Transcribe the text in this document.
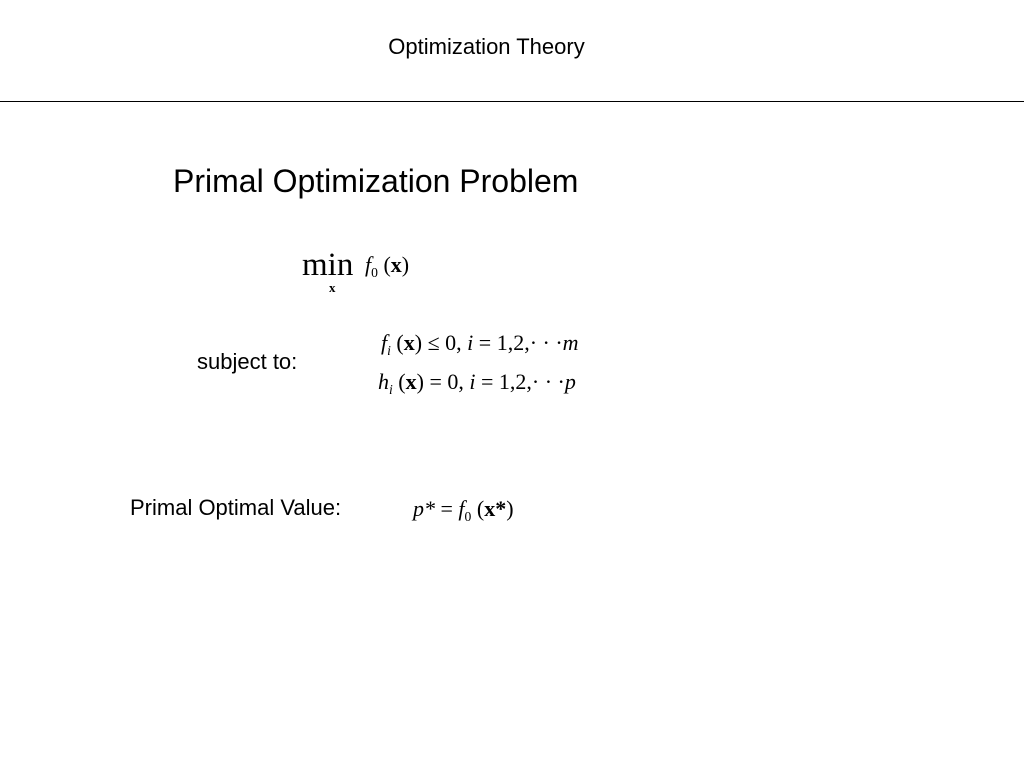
Optimization Theory
Primal Optimization Problem
min
x
$f_0$ (x)
subject to:
$f_i$ (x) ≤ 0, i = 1,2,· · ·m
$h_i$ (x) = 0, i = 1,2,· · ·p
Primal Optimal Value:	$p* = f_0$ (x*)
